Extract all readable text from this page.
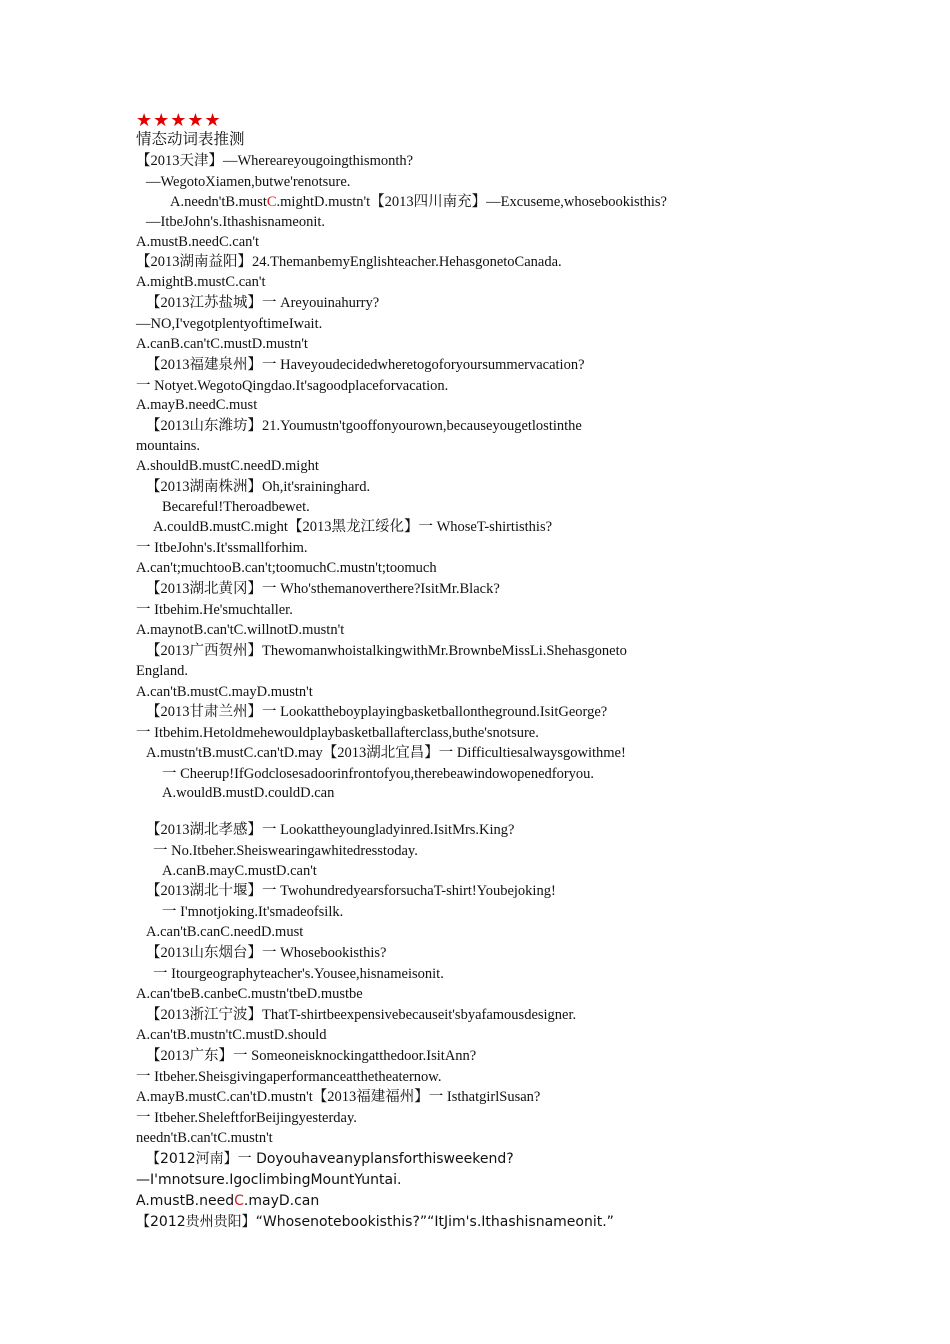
★★★★★
情态动词表推测
【2013天津】—Whereareyougoingthismonth?
—WegotoXiamen,butwe'renotsure.
A.needn'tB.mustC.mightD.mustn't【2013四川南充】—Excuseme,whosebookisthis?
—ItbeJohn's.Ithashisnameonit.
A.mustB.needC.can't
【2013湖南益阳】24.ThemanbemyEnglishteacher.HehasgonetoCanada.
A.mightB.mustC.can't
【2013江苏盐城】一 Areyouinahurry?
—NO,I'vegotplentyoftimeIwait.
A.canB.can'tC.mustD.mustn't
【2013福建泉州】一 Haveyoudecidedwheretogoforyoursummervacation?
一 Notyet.WegotoQingdao.It'sagoodplaceforvacation.
A.mayB.needC.must
【2013山东潍坊】21.Youmustn'tgooffonyourown,becauseyougetlostinthe
mountains.
A.shouldB.mustC.needD.might
【2013湖南株洲】Oh,it'sraininghard.
Becareful!Theroadbewet.
A.couldB.mustC.might【2013黑龙江绥化】一 WhoseT-shirtisthis?
一 ItbeJohn's.It'ssmallforhim.
A.can't;muchtooB.can't;toomuchC.mustn't;toomuch
【2013湖北黄冈】一 Who'sthemanoverthere?IsitMr.Black?
一 Itbehim.He'smuchtaller.
A.maynotB.can'tC.willnotD.mustn't
【2013广西贺州】ThewomanwhoistalkingwithMr.BrownbeMissLi.Shehasgoneto
England.
A.can'tB.mustC.mayD.mustn't
【2013甘肃兰州】一 Lookattheboyplayingbasketballontheground.IsitGeorge?
一 Itbehim.Hetoldmehewouldplaybasketballafterclass,buthe'snotsure.
A.mustn'tB.mustC.can'tD.may【2013湖北宜昌】一 Difficultiesalwaysgowithme!
一 Cheerup!IfGodclosesadoorinfrontofyou,therebeawindowopenedforyou.
A.wouldB.mustD.couldD.can
【2013湖北孝感】一 Lookattheyoungladyinred.IsitMrs.King?
一 No.Itbeher.Sheiswearingawhitedresstoday.
A.canB.mayC.mustD.can't
【2013湖北十堰】一 TwohundredyearsforsuchaT-shirt!Youbejoking!
一 I'mnotjoking.It'smadeofsilk.
A.can'tB.canC.needD.must
【2013山东烟台】一 Whosebookisthis?
一 Itourgeographyteacher's.Yousee,hisnameisonit.
A.can'tbeB.canbeC.mustn'tbeD.mustbe
【2013浙江宁波】ThatT-shirtbeexpensivebecauseit'sbyafamousdesigner.
A.can'tB.mustn'tC.mustD.should
【2013广东】一 Someoneisknockingatthedoor.IsitAnn?
一 Itbeher.Sheisgivingaperformanceatthetheaternow.
A.mayB.mustC.can'tD.mustn't【2013福建福州】一 IsthatgirlSusan?
一 Itbeher.SheleftforBeijingyesterday.
needn'tB.can'tC.mustn't
【2012河南】一 Doyouhaveanyplansforthisweekend?
—I'mnotsure.IgoclimbingMountYuntai.
A.mustB.needC.mayD.can
【2012贵州贵阳】“Whosenotebookisthis?”“ItJim's.Ithashisnameonit.”
